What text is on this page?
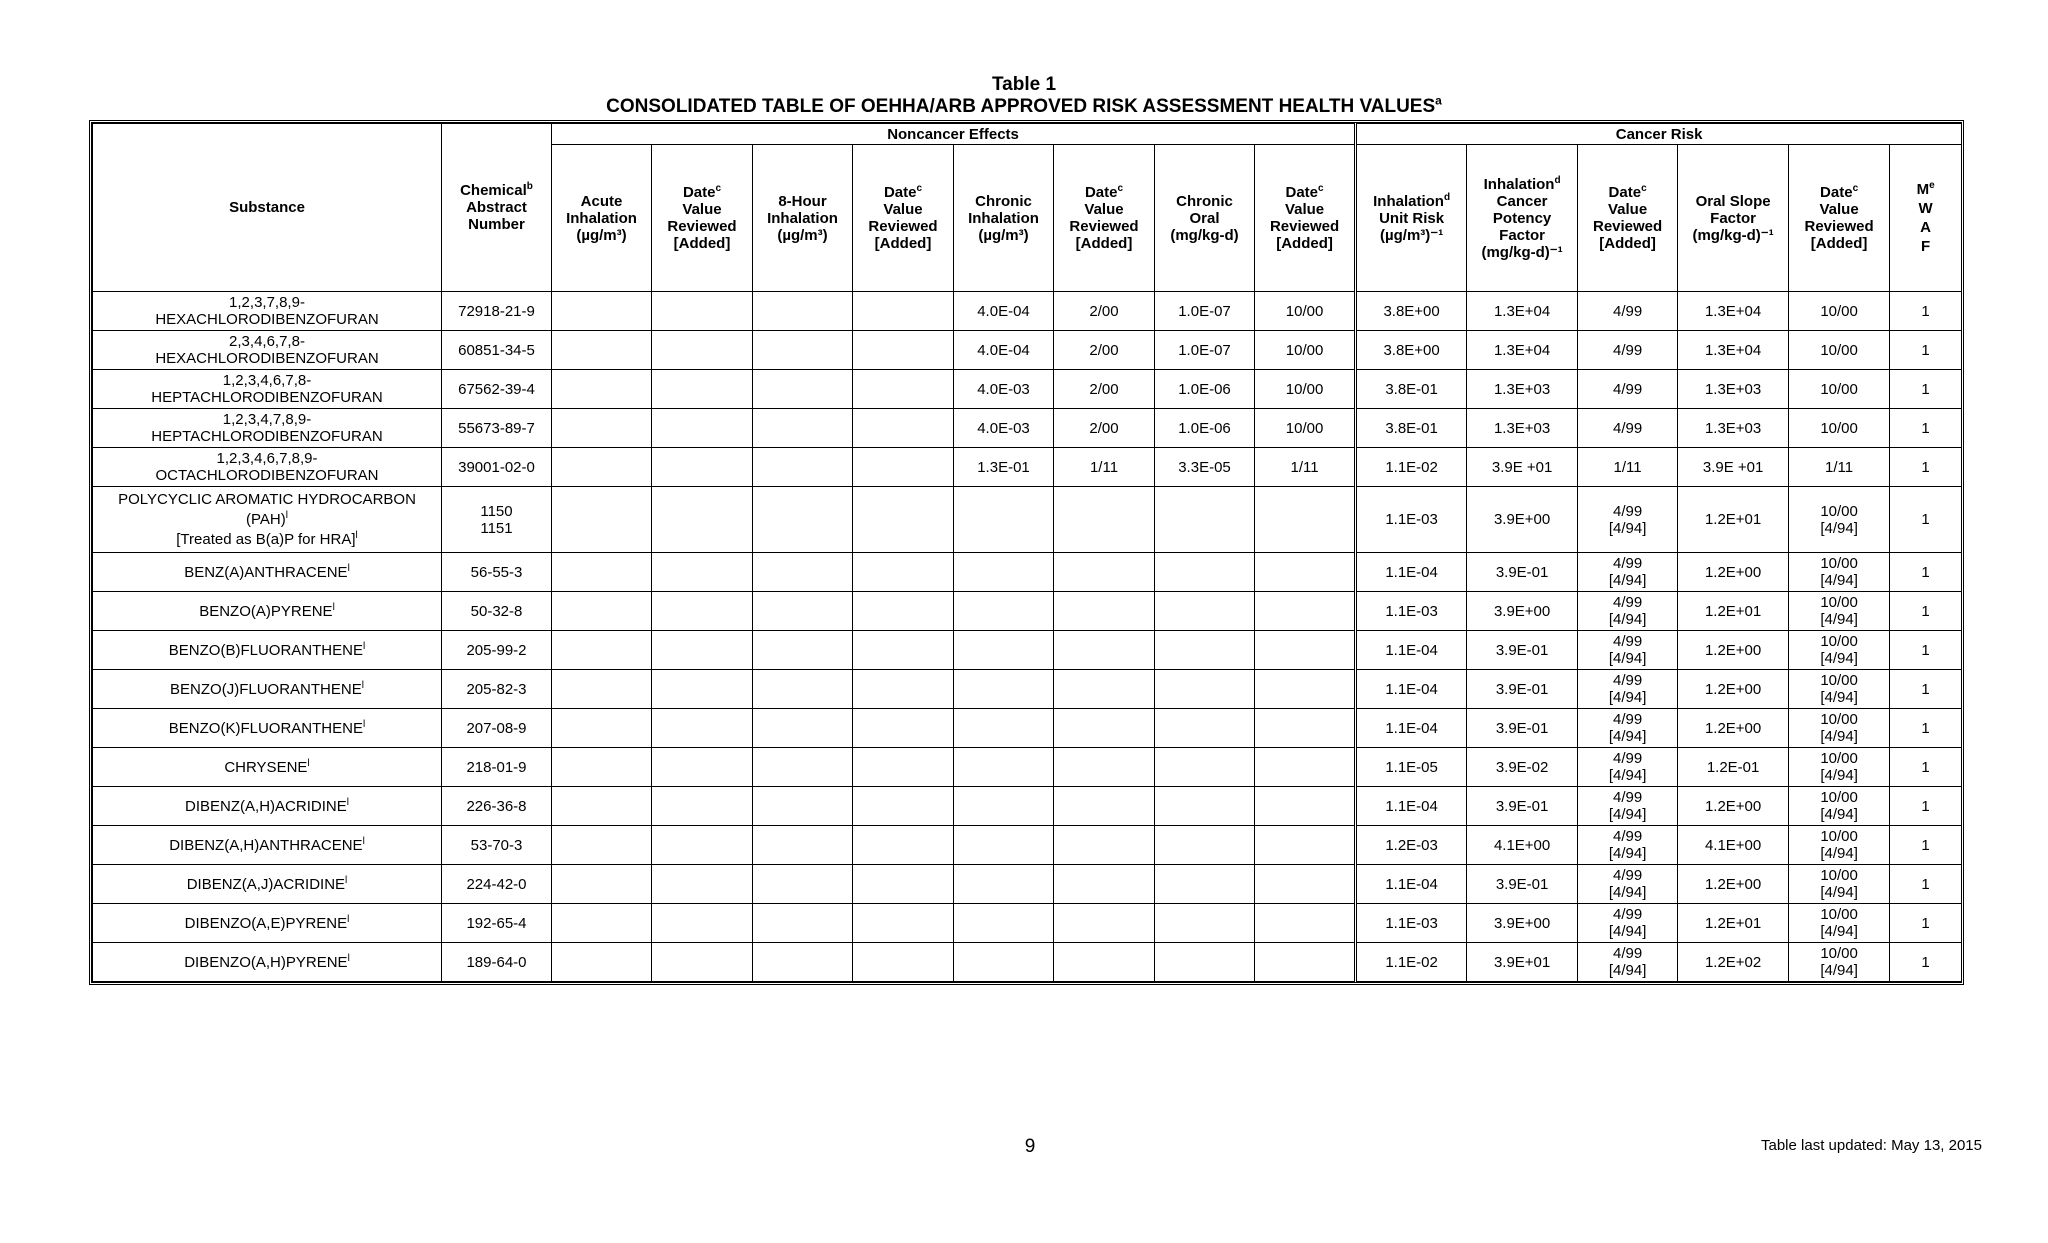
Table 1
CONSOLIDATED TABLE OF OEHHA/ARB APPROVED RISK ASSESSMENT HEALTH VALUES$^a$
Substance	Chemical$^b$
Abstract
Number	Noncancer Effects								Cancer Risk					

		Acute
Inhalation
(µg/m³)	Date$^c$
Value
Reviewed
[Added]	8-Hour
Inhalation
(µg/m³)	Date$^c$
Value
Reviewed
[Added]	Chronic
Inhalation
(µg/m³)	Date$^c$
Value
Reviewed
[Added]	Chronic
Oral
(mg/kg-d)	Date$^c$
Value
Reviewed
[Added]	Inhalation$^d$
Unit Risk
(µg/m³)⁻¹	Inhalation$^d$
Cancer
Potency
Factor
(mg/kg-d)⁻¹	Date$^c$
Value
Reviewed
[Added]	Oral Slope
Factor
(mg/kg-d)⁻¹	Date$^c$
Value
Reviewed
[Added]	Me
W
A
F

1,2,3,7,8,9-
HEXACHLORODIBENZOFURAN	72918-21-9					4.0E-04	2/00	1.0E-07	10/00	3.8E+00	1.3E+04	4/99	1.3E+04	10/00	1

2,3,4,6,7,8-
HEXACHLORODIBENZOFURAN	60851-34-5					4.0E-04	2/00	1.0E-07	10/00	3.8E+00	1.3E+04	4/99	1.3E+04	10/00	1

1,2,3,4,6,7,8-
HEPTACHLORODIBENZOFURAN	67562-39-4					4.0E-03	2/00	1.0E-06	10/00	3.8E-01	1.3E+03	4/99	1.3E+03	10/00	1

1,2,3,4,7,8,9-
HEPTACHLORODIBENZOFURAN	55673-89-7					4.0E-03	2/00	1.0E-06	10/00	3.8E-01	1.3E+03	4/99	1.3E+03	10/00	1

1,2,3,4,6,7,8,9-
OCTACHLORODIBENZOFURAN	39001-02-0					1.3E-01	1/11	3.3E-05	1/11	1.1E-02	3.9E +01	1/11	3.9E +01	1/11	1

POLYCYCLIC AROMATIC HYDROCARBON
(PAH)$^l$
[Treated as B(a)P for HRA]$^l$	1150
1151									1.1E-03	3.9E+00	4/99
[4/94]	1.2E+01	10/00
[4/94]	1
BENZ(A)ANTHRACENE$^l$	56-55-3									1.1E-04	3.9E-01	4/99
[4/94]	1.2E+00	10/00
[4/94]	1
BENZO(A)PYRENE$^l$	50-32-8									1.1E-03	3.9E+00	4/99
[4/94]	1.2E+01	10/00
[4/94]	1
BENZO(B)FLUORANTHENE$^l$	205-99-2									1.1E-04	3.9E-01	4/99
[4/94]	1.2E+00	10/00
[4/94]	1
BENZO(J)FLUORANTHENE$^l$	205-82-3									1.1E-04	3.9E-01	4/99
[4/94]	1.2E+00	10/00
[4/94]	1
BENZO(K)FLUORANTHENE$^l$	207-08-9									1.1E-04	3.9E-01	4/99
[4/94]	1.2E+00	10/00
[4/94]	1
CHRYSENE$^l$	218-01-9									1.1E-05	3.9E-02	4/99
[4/94]	1.2E-01	10/00
[4/94]	1
DIBENZ(A,H)ACRIDINE$^l$	226-36-8									1.1E-04	3.9E-01	4/99
[4/94]	1.2E+00	10/00
[4/94]	1
DIBENZ(A,H)ANTHRACENE$^l$	53-70-3									1.2E-03	4.1E+00	4/99
[4/94]	4.1E+00	10/00
[4/94]	1
DIBENZ(A,J)ACRIDINE$^l$	224-42-0									1.1E-04	3.9E-01	4/99
[4/94]	1.2E+00	10/00
[4/94]	1
DIBENZO(A,E)PYRENE$^l$	192-65-4									1.1E-03	3.9E+00	4/99
[4/94]	1.2E+01	10/00
[4/94]	1
DIBENZO(A,H)PYRENE$^l$	189-64-0									1.1E-02	3.9E+01	4/99
[4/94]	1.2E+02	10/00
[4/94]	1
9	Table last updated: May 13, 2015
